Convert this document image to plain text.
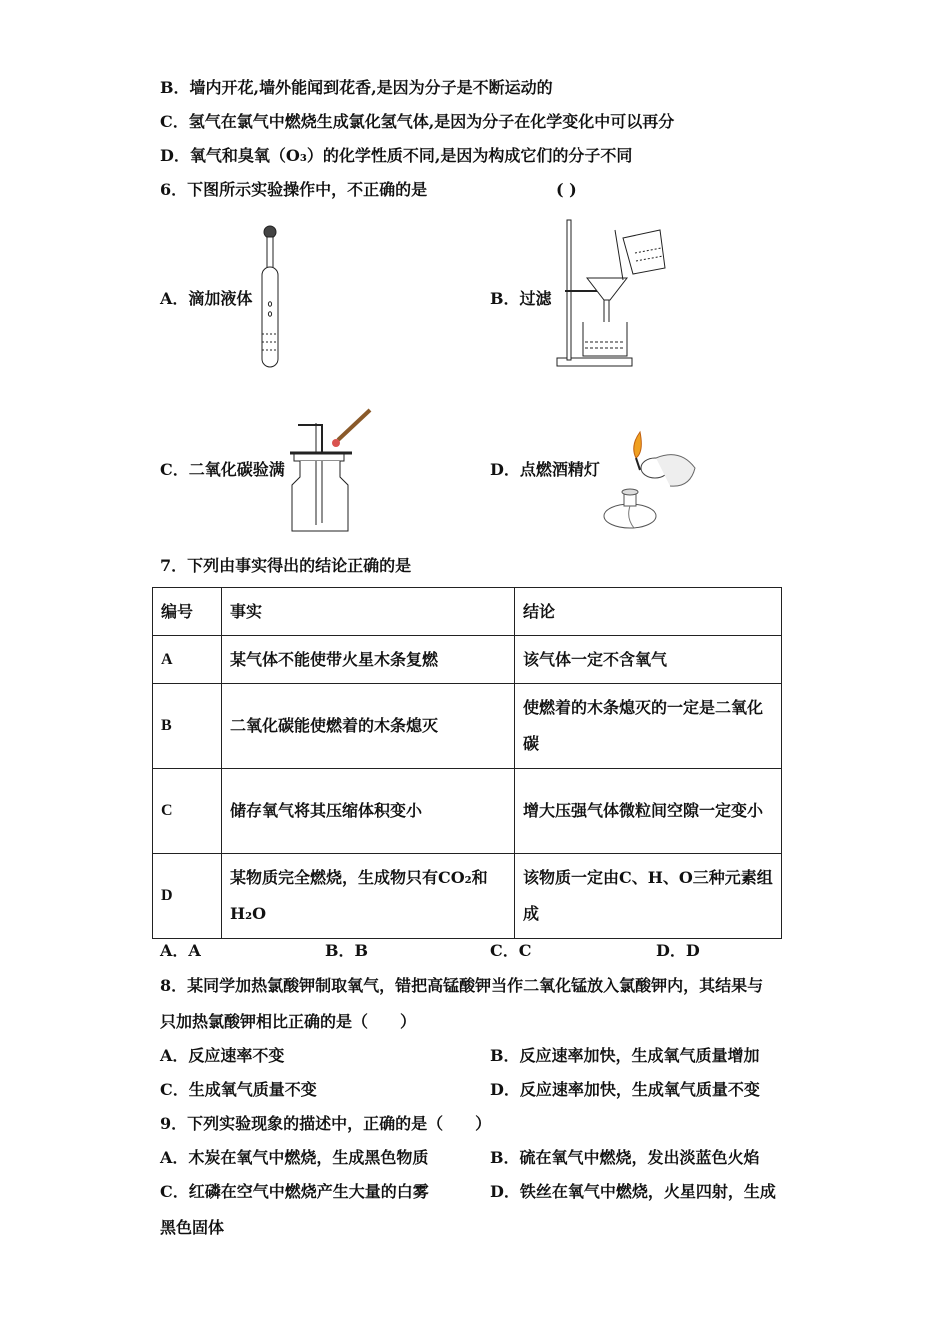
B．墙内开花,墙外能闻到花香,是因为分子是不断运动的
C．氢气在氯气中燃烧生成氯化氢气体,是因为分子在化学变化中可以再分
D．氧气和臭氧（O₃）的化学性质不同,是因为构成它们的分子不同
6．下图所示实验操作中，不正确的是	( )
A．滴加液体	B．过滤
C．二氧化碳验满	D．点燃酒精灯
7．下列由事实得出的结论正确的是
编号	事实	结论
A	某气体不能使带火星木条复燃	该气体一定不含氧气
B	二氧化碳能使燃着的木条熄灭	使燃着的木条熄灭的一定是二氧化碳
C	储存氧气将其压缩体积变小	增大压强气体微粒间空隙一定变小
D	某物质完全燃烧，生成物只有CO₂和H₂O	该物质一定由C、H、O三种元素组成
A．A	B．B	C．C	D．D
8．某同学加热氯酸钾制取氧气，错把高锰酸钾当作二氧化锰放入氯酸钾内，其结果与
只加热氯酸钾相比正确的是（　　）
A．反应速率不变	B．反应速率加快，生成氧气质量增加
C．生成氧气质量不变	D．反应速率加快，生成氧气质量不变
9．下列实验现象的描述中，正确的是（　　）
A．木炭在氧气中燃烧，生成黑色物质	B．硫在氧气中燃烧，发出淡蓝色火焰
C．红磷在空气中燃烧产生大量的白雾	D．铁丝在氧气中燃烧，火星四射，生成
黑色固体
